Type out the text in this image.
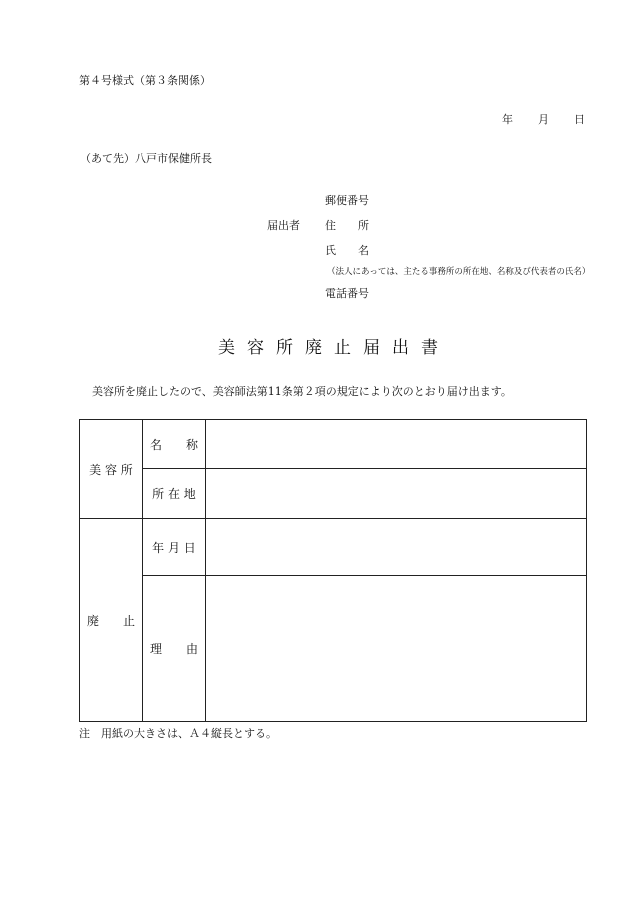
第４号様式（第３条関係）
年 月 日
（あて先）八戸市保健所長
郵便番号
届出者 住　　所
氏　　名
（法人にあっては、主たる事務所の所在地、名称及び代表者の氏名）
電話番号
美容所廃止届出書
美容所を廃止したので、美容師法第11条第２項の規定により次のとおり届け出ます。
美 容 所	名　　称	
	所 在 地	
廃　　止	年 月 日	
	理　　由	
注　用紙の大きさは、Ａ４縦長とする。
